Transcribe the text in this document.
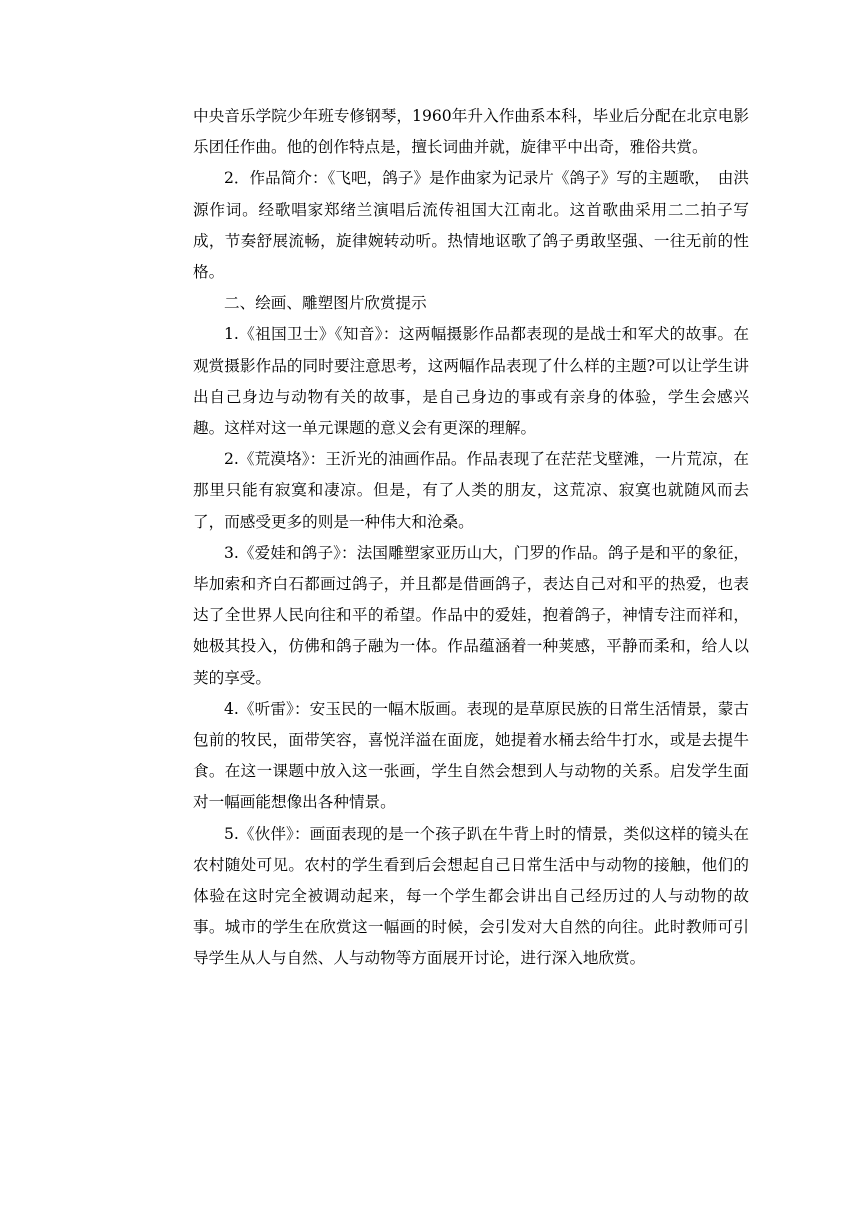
中央音乐学院少年班专修钢琴，1960年升入作曲系本科，毕业后分配在北京电影乐团任作曲。他的创作特点是，擅长词曲并就，旋律平中出奇，雅俗共赏。

2．作品简介：《飞吧，鸽子》是作曲家为记录片《鸽子》写的主题歌，　由洪源作词。经歌唱家郑绪兰演唱后流传祖国大江南北。这首歌曲采用二二拍子写成，节奏舒展流畅，旋律婉转动听。热情地讴歌了鸽子勇敢坚强、一往无前的性格。

二、绘画、雕塑图片欣赏提示

1.《祖国卫士》《知音》：这两幅摄影作品都表现的是战士和军犬的故事。在观赏摄影作品的同时要注意思考，这两幅作品表现了什么样的主题?可以让学生讲出自己身边与动物有关的故事，是自己身边的事或有亲身的体验，学生会感兴趣。这样对这一单元课题的意义会有更深的理解。

2.《荒漠垎》：王沂光的油画作品。作品表现了在茫茫戈壁滩，一片荒凉，在那里只能有寂寞和凄凉。但是，有了人类的朋友，这荒凉、寂寞也就随风而去了，而感受更多的则是一种伟大和沧桑。

3.《爱娃和鸽子》：法国雕塑家亚历山大，门罗的作品。鸽子是和平的象征，毕加索和齐白石都画过鸽子，并且都是借画鸽子，表达自己对和平的热爱，也表达了全世界人民向往和平的希望。作品中的爱娃，抱着鸽子，神情专注而祥和，她极其投入，仿佛和鸽子融为一体。作品蕴涵着一种荚感，平静而柔和，给人以荚的享受。

4.《听雷》：安玉民的一幅木版画。表现的是草原民族的日常生活情景，蒙古包前的牧民，面带笑容，喜悦洋溢在面庞，她提着水桶去给牛打水，或是去提牛食。在这一课题中放入这一张画，学生自然会想到人与动物的关系。启发学生面对一幅画能想像出各种情景。

5.《伙伴》：画面表现的是一个孩子趴在牛背上时的情景，类似这样的镜头在农村随处可见。农村的学生看到后会想起自己日常生活中与动物的接触，他们的体验在这时完全被调动起来，每一个学生都会讲出自己经历过的人与动物的故事。城市的学生在欣赏这一幅画的时候，会引发对大自然的向往。此时教师可引导学生从人与自然、人与动物等方面展开讨论，进行深入地欣赏。
